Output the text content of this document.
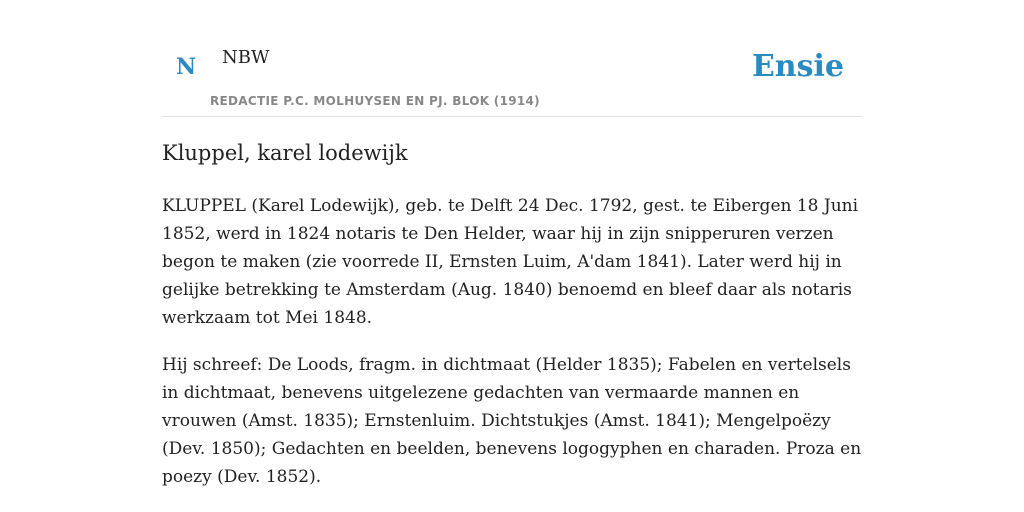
N NBW
REDACTIE P.C. MOLHUYSEN EN PJ. BLOK (1914)
Ensie
Kluppel, karel lodewijk

KLUPPEL (Karel Lodewijk), geb. te Delft 24 Dec. 1792, gest. te Eibergen 18 Juni 1852, werd in 1824 notaris te Den Helder, waar hij in zijn snipperuren verzen begon te maken (zie voorrede II, Ernsten Luim, A'dam 1841). Later werd hij in gelijke betrekking te Amsterdam (Aug. 1840) benoemd en bleef daar als notaris werkzaam tot Mei 1848.

Hij schreef: De Loods, fragm. in dichtmaat (Helder 1835); Fabelen en vertelsels in dichtmaat, benevens uitgelezene gedachten van vermaarde mannen en vrouwen (Amst. 1835); Ernstenluim. Dichtstukjes (Amst. 1841); Mengelpoëzy (Dev. 1850); Gedachten en beelden, benevens logogyphen en charaden. Proza en poezy (Dev. 1852).
